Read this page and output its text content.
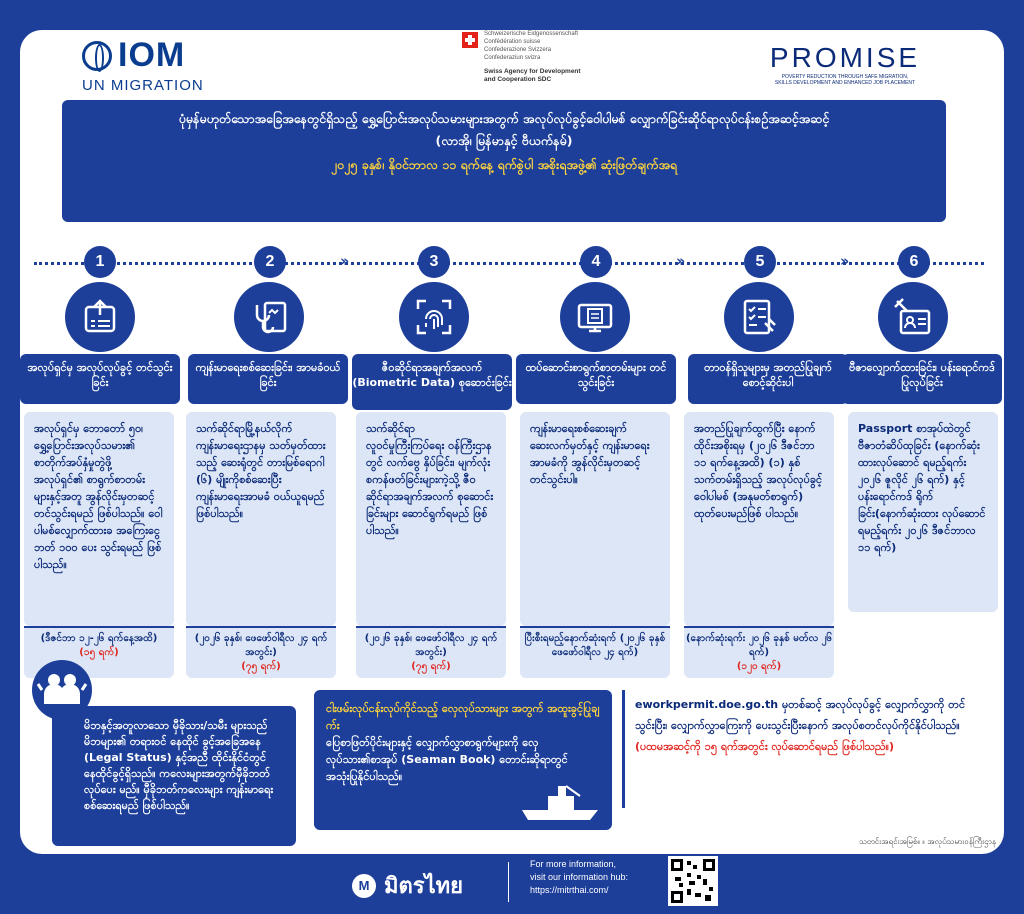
IOM
UN MIGRATION
Schweizerische Eidgenossenschaft
Confédération suisse
Confederazione Svizzera
Confederaziun svizra
Swiss Agency for Development
and Cooperation SDC
PROMISE
POVERTY REDUCTION THROUGH SAFE MIGRATION,
SKILLS DEVELOPMENT AND ENHANCED JOB PLACEMENT
ပုံမှန်မဟုတ်သောအခြေအနေတွင်ရှိသည့် ရွှေ့ပြောင်းအလုပ်သမားများအတွက် အလုပ်လုပ်ခွင့်ဝေါပါမစ် လျှောက်ခြင်းဆိုင်ရာလုပ်ငန်းစဉ်အဆင့်အဆင့်
(လာအို၊ မြန်မာနှင့် ဗီယက်နမ်)
၂၀၂၅ ခုနှစ်၊ နိုဝင်ဘာလ ၁၁ ရက်နေ့ ရက်စွဲပါ အစိုးရအဖွဲ့၏ ဆုံးဖြတ်ချက်အရ
››	››	››
1
အလုပ်ရှင်မှ အလုပ်လုပ်ခွင့် တင်သွင်းခြင်း
အလုပ်ရှင်မှ ဘောတော် ၅၀၊ ရွှေ့ပြောင်းအလုပ်သမား၏ စာတိုက်အပ်နှံမှုတွဲဖို့ အလုပ်ရှင်၏ စာရွက်စာတမ်း များနှင့်အတူ အွန်လိုင်းမှတဆင့် တင်သွင်းရမည် ဖြစ်ပါသည်။ ဝေါပါမစ်လျှောက်ထားခ အကြေးငွေ ဘတ် ၁၀၀ ပေး သွင်းရမည် ဖြစ်ပါသည်။
(ဒီဇင်ဘာ ၁၂-၂၆ ရက်နေ့အထိ)
(၁၅ ရက်)
2
ကျန်းမာရေးစစ်ဆေးခြင်း၊ အာမခံဝယ်ခြင်း
သက်ဆိုင်ရာမြို့နယ်လိုက် ကျန်းမာရေးဌာနမှ သတ်မှတ်ထားသည့် ဆေးရုံတွင် တားမြစ်ရောဂါ (၆) မျိုးကိုစစ်ဆေးပြီး ကျန်းမာရေးအာမခံ ဝယ်ယူရမည် ဖြစ်ပါသည်။
(၂၀၂၆ ခုနှစ်၊ ဖေဖော်ဝါရီလ ၂၄ ရက်အတွင်း)
(၇၅ ရက်)
3
ဇီဝဆိုင်ရာအချက်အလက် (Biometric Data) စုဆောင်းခြင်း
သက်ဆိုင်ရာ လူဝင်မှုကြီးကြပ်ရေး ဝန်ကြီးဌာနတွင် လက်ဗွေ နှိပ်ခြင်း၊ မျက်လုံး စကန်ဖတ်ခြင်းများကဲ့သို့ ဇီဝဆိုင်ရာအချက်အလက် စုဆောင်းခြင်းများ ဆောင်ရွက်ရမည် ဖြစ်ပါသည်။
(၂၀၂၆ ခုနှစ်၊ ဖေဖော်ဝါရီလ ၂၄ ရက်အတွင်း)
(၇၅ ရက်)
4
ထပ်ဆောင်းစာရွက်စာတမ်းများ တင်သွင်းခြင်း
ကျန်းမာရေးစစ်ဆေးချက် ဆေးလက်မှတ်နှင့် ကျန်းမာရေးအာမခံကို အွန်လိုင်းမှတဆင့် တင်သွင်းပါ။
ပြီးစီးရမည့်နောက်ဆုံးရက် (၂၀၂၆ ခုနှစ် ဖေဖော်ဝါရီလ ၂၄ ရက်)
5
တာဝန်ရှိသူများမှ အတည်ပြုချက် စောင့်ဆိုင်းပါ
အတည်ပြုချက်ထွက်ပြီး နောက် ထိုင်းအစိုးရမှ (၂၀၂၆ ဒီဇင်ဘာ ၁၁ ရက်နေ့အထိ) (၁) နှစ် သက်တမ်းရှိသည့် အလုပ်လုပ်ခွင့်ဝေါပါမစ် (အနုမတ်စာရွက်) ထုတ်ပေးမည်ဖြစ် ပါသည်။
(နောက်ဆုံးရက်း ၂၀၂၆ ခုနှစ် မတ်လ ၂၆ ရက်)
(၁၂၀ ရက်)
6
ဗီဇာလျှောက်ထားခြင်း၊ ပန်းရောင်ကဒ်ပြုလုပ်ခြင်း
Passport စာအုပ်ထဲတွင် ဗီဇာတံဆိပ်ထုခြင်း (နောက်ဆုံးထားလုပ်ဆောင် ရမည့်ရက်း ၂၀၂၆ ဇူလိုင် ၂၆ ရက်) နှင့် ပန်းရောင်ကဒ် ရိုက်ခြင်း(နောက်ဆုံးထား လုပ်ဆောင်ရမည့်ရက်း ၂၀၂၆ ဒီဇင်ဘာလ ၁၁ ရက်)
မိဘနှင့်အတူလာသော မှီခိုသား/သမီး များသည် မိဘများ၏ တရားဝင် နေထိုင် ခွင့်အခြေအနေ (Legal Status) နှင့်အညီ ထိုင်းနိုင်ငံတွင် နေထိုင်ခွင့်ရှိသည်။ ကလေးများအတွက်မှီခိုဘတ်လုပ်ပေး မည်။ မှီခိုဘတ်ကလေးများ ကျန်းမာရေး စစ်ဆေးရမည် ဖြစ်ပါသည်။
ငါးဖမ်းလုပ်ငန်းလုပ်ကိုင်သည့် လှေလုပ်သားများ အတွက် အထူးခွင့်ပြုချက်း
ပြေစာဖြတ်ပိုင်းများနှင့် လျှောက်လွှာစာရွက်များကို လှေလုပ်သား၏စာအုပ် (Seaman Book) တောင်းဆိုရာတွင် အသုံးပြုနိုင်ပါသည်။
eworkpermit.doe.go.th မှတစ်ဆင့် အလုပ်လုပ်ခွင့် လျှောက်လွှာကို တင်သွင်းပြီး၊ လျှောက်လွှာကြေးကို ပေးသွင်းပြီးနောက် အလုပ်စတင်လုပ်ကိုင်နိုင်ပါသည်။
(ပထမအဆင့်ကို ၁၅ ရက်အတွင်း လုပ်ဆောင်ရမည် ဖြစ်ပါသည်။)
သတင်းအရင်းအမြစ်။ ။ အလုပ်သမားဝန်ကြီးဌာန
M มิตรไทย
For more information,
visit our information hub:
https://mitrthai.com/
